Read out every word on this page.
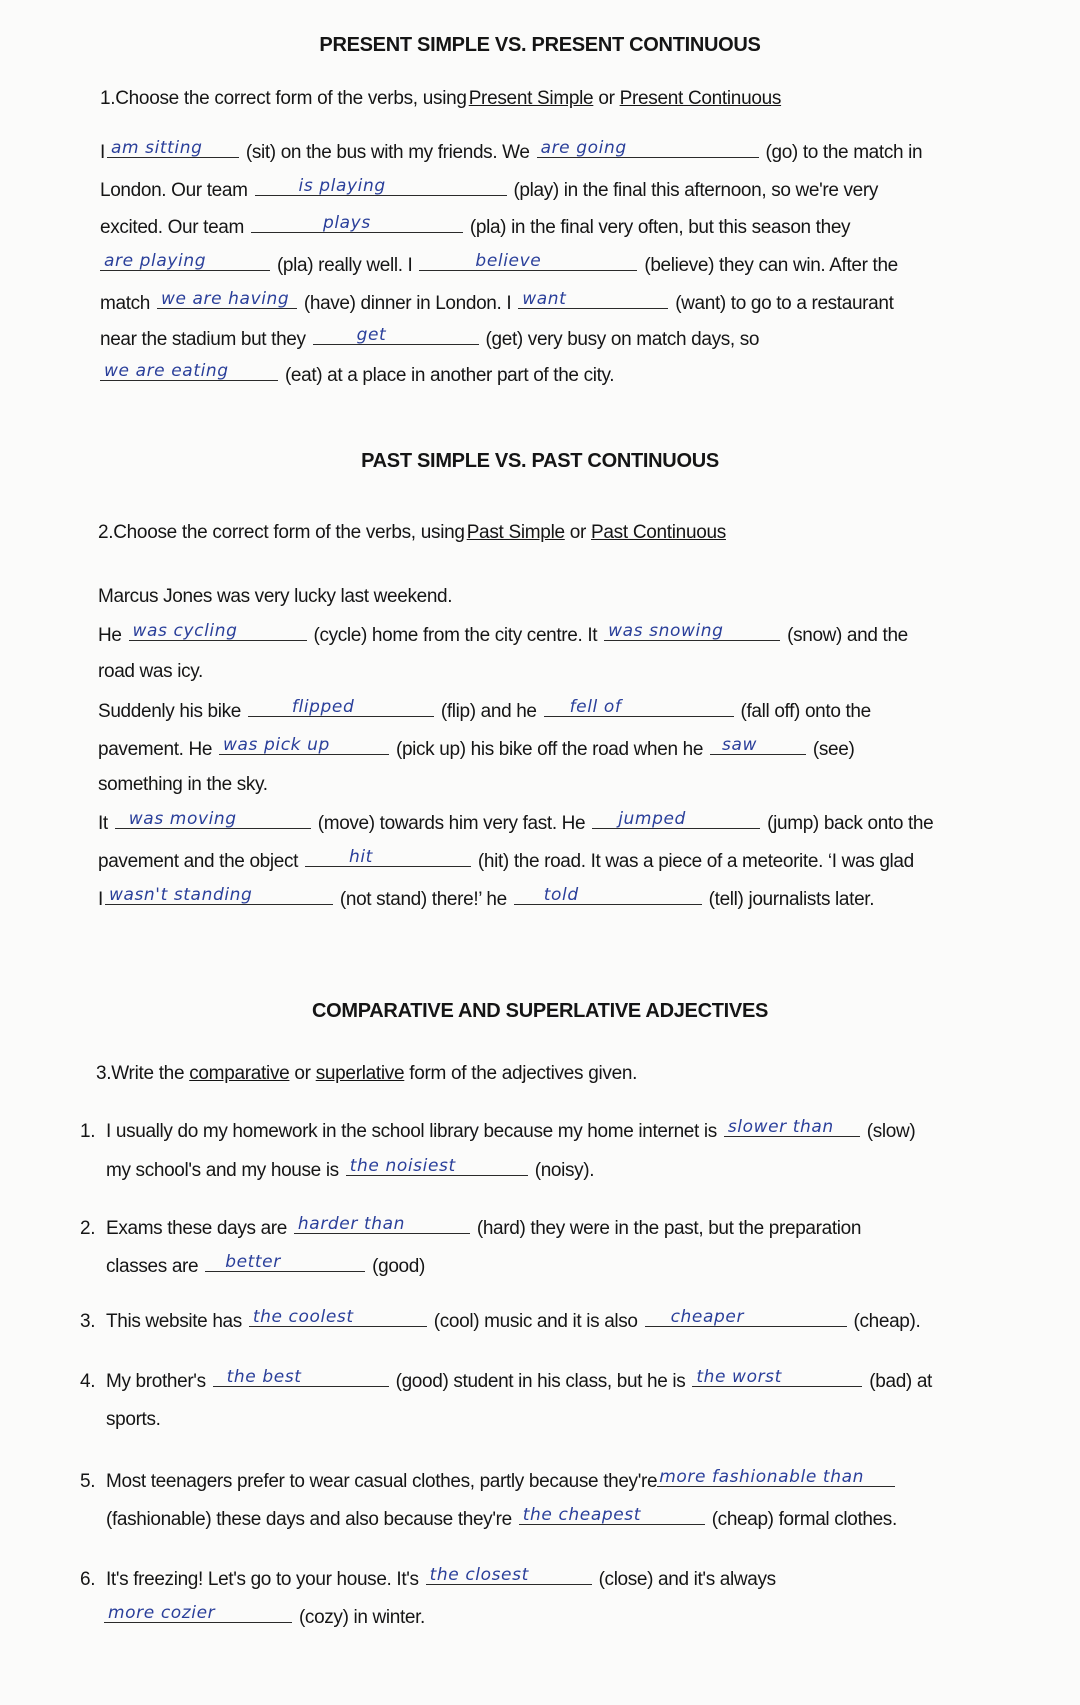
PRESENT SIMPLE VS. PRESENT CONTINUOUS
1.Choose the correct form of the verbs, using Present Simple or Present Continuous
I am sitting (sit) on the bus with my friends. We are going	(go) to the match in
London. Our team	is playing	(play) in the final this afternoon, so we're very
excited. Our team	plays	(pla) in the final very often, but this season they
are playing	(pla) really well. I	believe	(believe) they can win. After the
match we are having (have) dinner in London. I want	(want) to go to a restaurant
near the stadium but they	get	(get) very busy on match days, so
we are eating	(eat) at a place in another part of the city.
PAST SIMPLE VS. PAST CONTINUOUS
2.Choose the correct form of the verbs, using Past Simple or Past Continuous
Marcus Jones was very lucky last weekend.
He was cycling	(cycle) home from the city centre. It was snowing	(snow) and the
road was icy.
Suddenly his bike	flipped	(flip) and he fell of	(fall off) onto the
pavement. He was pick up	(pick up) his bike off the road when he saw	(see)
something in the sky.
It was moving	(move) towards him very fast. He jumped	(jump) back onto the
pavement and the object	hit	(hit) the road. It was a piece of a meteorite. ‘I was glad
I wasn't standing	(not stand) there!’ he told	(tell) journalists later.
COMPARATIVE AND SUPERLATIVE ADJECTIVES
3.Write the comparative or superlative form of the adjectives given.
1. I usually do my homework in the school library because my home internet is slower than (slow)
my school's and my house is the noisiest	(noisy).
2. Exams these days are harder than	(hard) they were in the past, but the preparation
classes are better	(good)
3. This website has the coolest	(cool) music and it is also cheaper	(cheap).
4. My brother's the best	(good) student in his class, but he is the worst	(bad) at
sports.
5. Most teenagers prefer to wear casual clothes, partly because they're more fashionable than
(fashionable) these days and also because they're the cheapest	(cheap) formal clothes.
6. It's freezing! Let's go to your house. It's the closest	(close) and it's always
more cozier	(cozy) in winter.
